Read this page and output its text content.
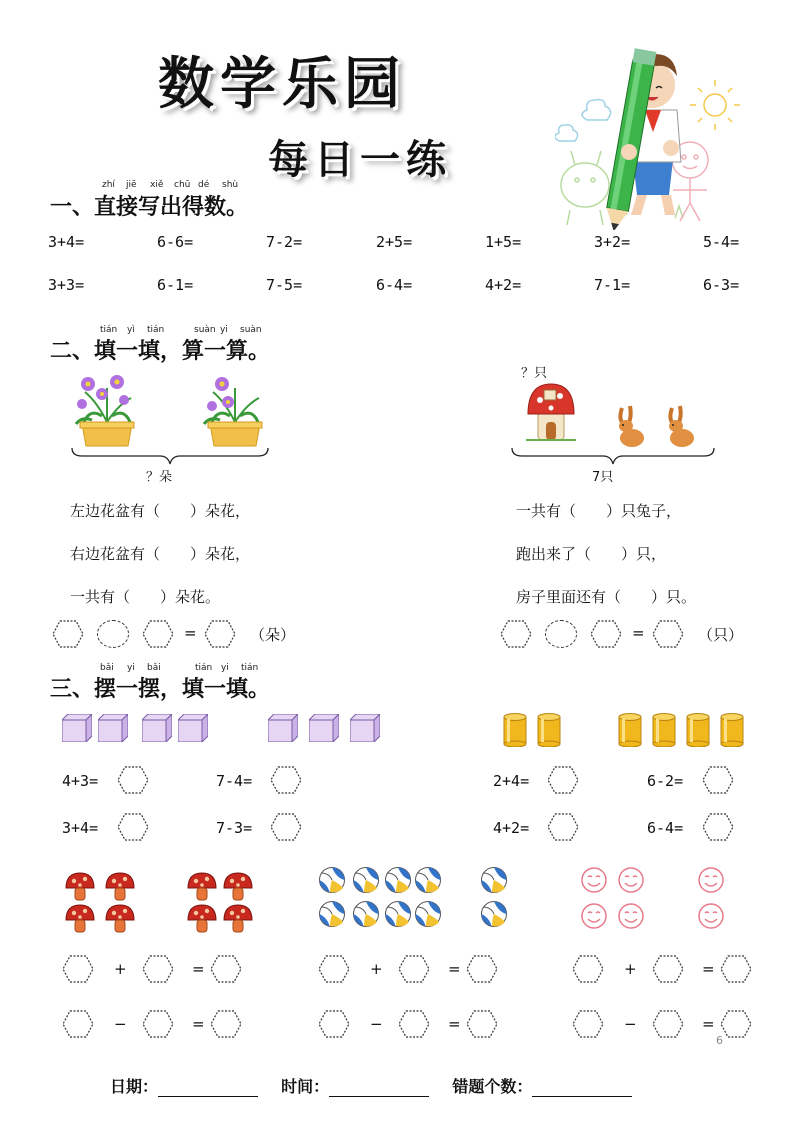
数学乐园
每日一练
zhí jiē xiě chū dé shù
一、直接写出得数。
3+4=	6-6=	7-2=	2+5=	1+5=	3+2=	5-4=
3+3=	6-1=	7-5=	6-4=	4+2=	7-1=	6-3=
tián yì tián	suàn yi suàn
二、填一填，算一算。
？朵
？只
7只
左边花盆有（　　）朵花，
右边花盆有（　　）朵花，
一共有（　　）朵花。
一共有（　　）只兔子，
跑出来了（　　）只，
房子里面还有（　　）只。
=	（朵）	=	（只）
bǎi yi bǎi	tián yi tián
三、摆一摆，填一填。
4+3=	7-4=
3+4=	7-3=
2+4=	6-2=
4+2=	6-4=
+	=
−	=
+	=
−	=
+	=
−	=
6
日期：	时间：	错题个数：
